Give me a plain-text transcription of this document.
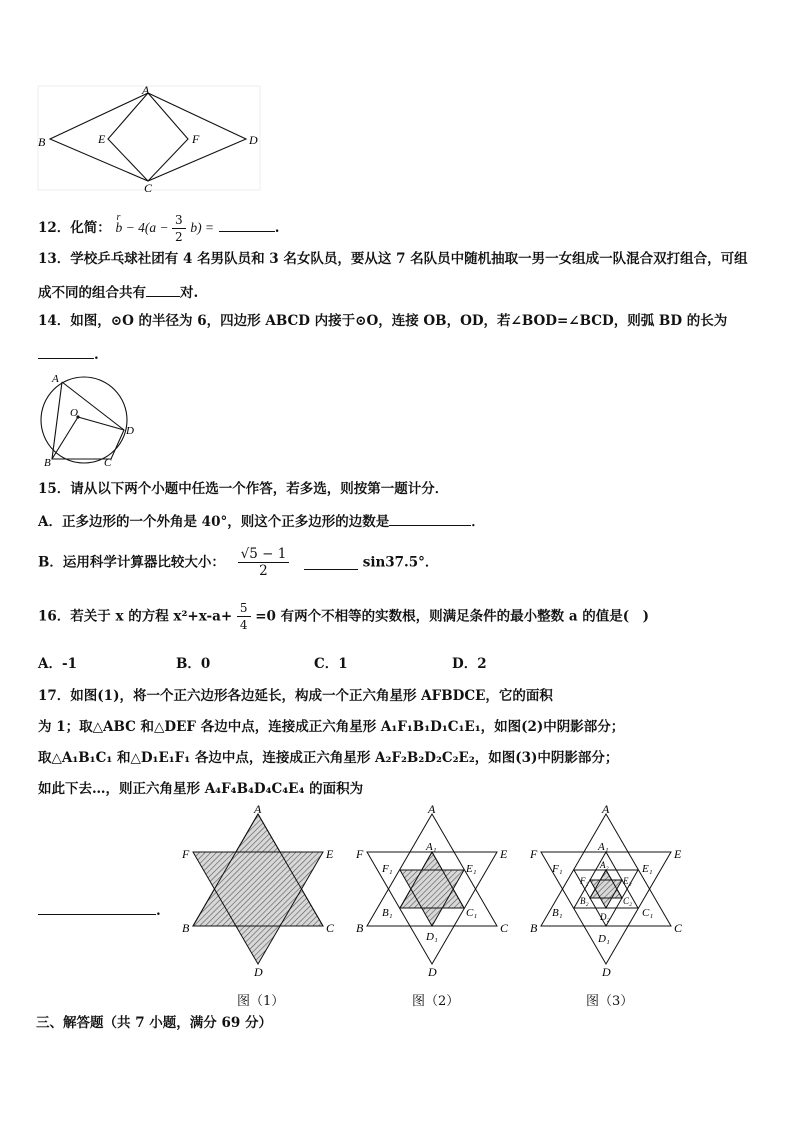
A
B
C
D
E	F
12．化简：
r
$b - 4(a - \frac{3}{2} b)$ =	.
13．学校乒乓球社团有 4 名男队员和 3 名女队员，要从这 7 名队员中随机抽取一男一女组成一队混合双打组合，可组
成不同的组合共有	对.
14．如图，⊙O 的半径为 6，四边形 ABCD 内接于⊙O，连接 OB，OD，若∠BOD=∠BCD，则弧 BD 的长为
.
A
O
D
B	C
15．请从以下两个小题中任选一个作答，若多选，则按第一题计分．
A．正多边形的一个外角是 40°，则这个正多边形的边数是	．
B．运用科学计算器比较大小： $\frac{√5 - 1}{2}$	sin37.5°．
16．若关于 x 的方程 $x^2+x-a+ \frac{5}{4} =0$ 有两个不相等的实数根，则满足条件的最小整数 a 的值是(　)
A．-1	B．0	C．1	D．2
17．如图(1)，将一个正六边形各边延长，构成一个正六角星形 AFBDCE，它的面积
为 1；取△ABC 和△DEF 各边中点，连接成正六角星形 A₁F₁B₁D₁C₁E₁，如图(2)中阴影部分；
取△A₁B₁C₁ 和△D₁E₁F₁ 各边中点，连接成正六角星形 A₂F₂B₂D₂C₂E₂，如图(3)中阴影部分；
如此下去…，则正六角星形 A₄F₄B₄D₄C₄E₄ 的面积为
.
A
F	E
B	C
D
A
F	E
B	C
D
A₁
F₁	E₁
B₁	C₁
D₁
A
F	E
B	C
D
A₁
F₁	E₁
B₁	C₁
D₁
A₂
F₂	E₂
B₂	C₂
D₂
图（1）	图（2）	图（3）
三、解答题（共 7 小题，满分 69 分）
